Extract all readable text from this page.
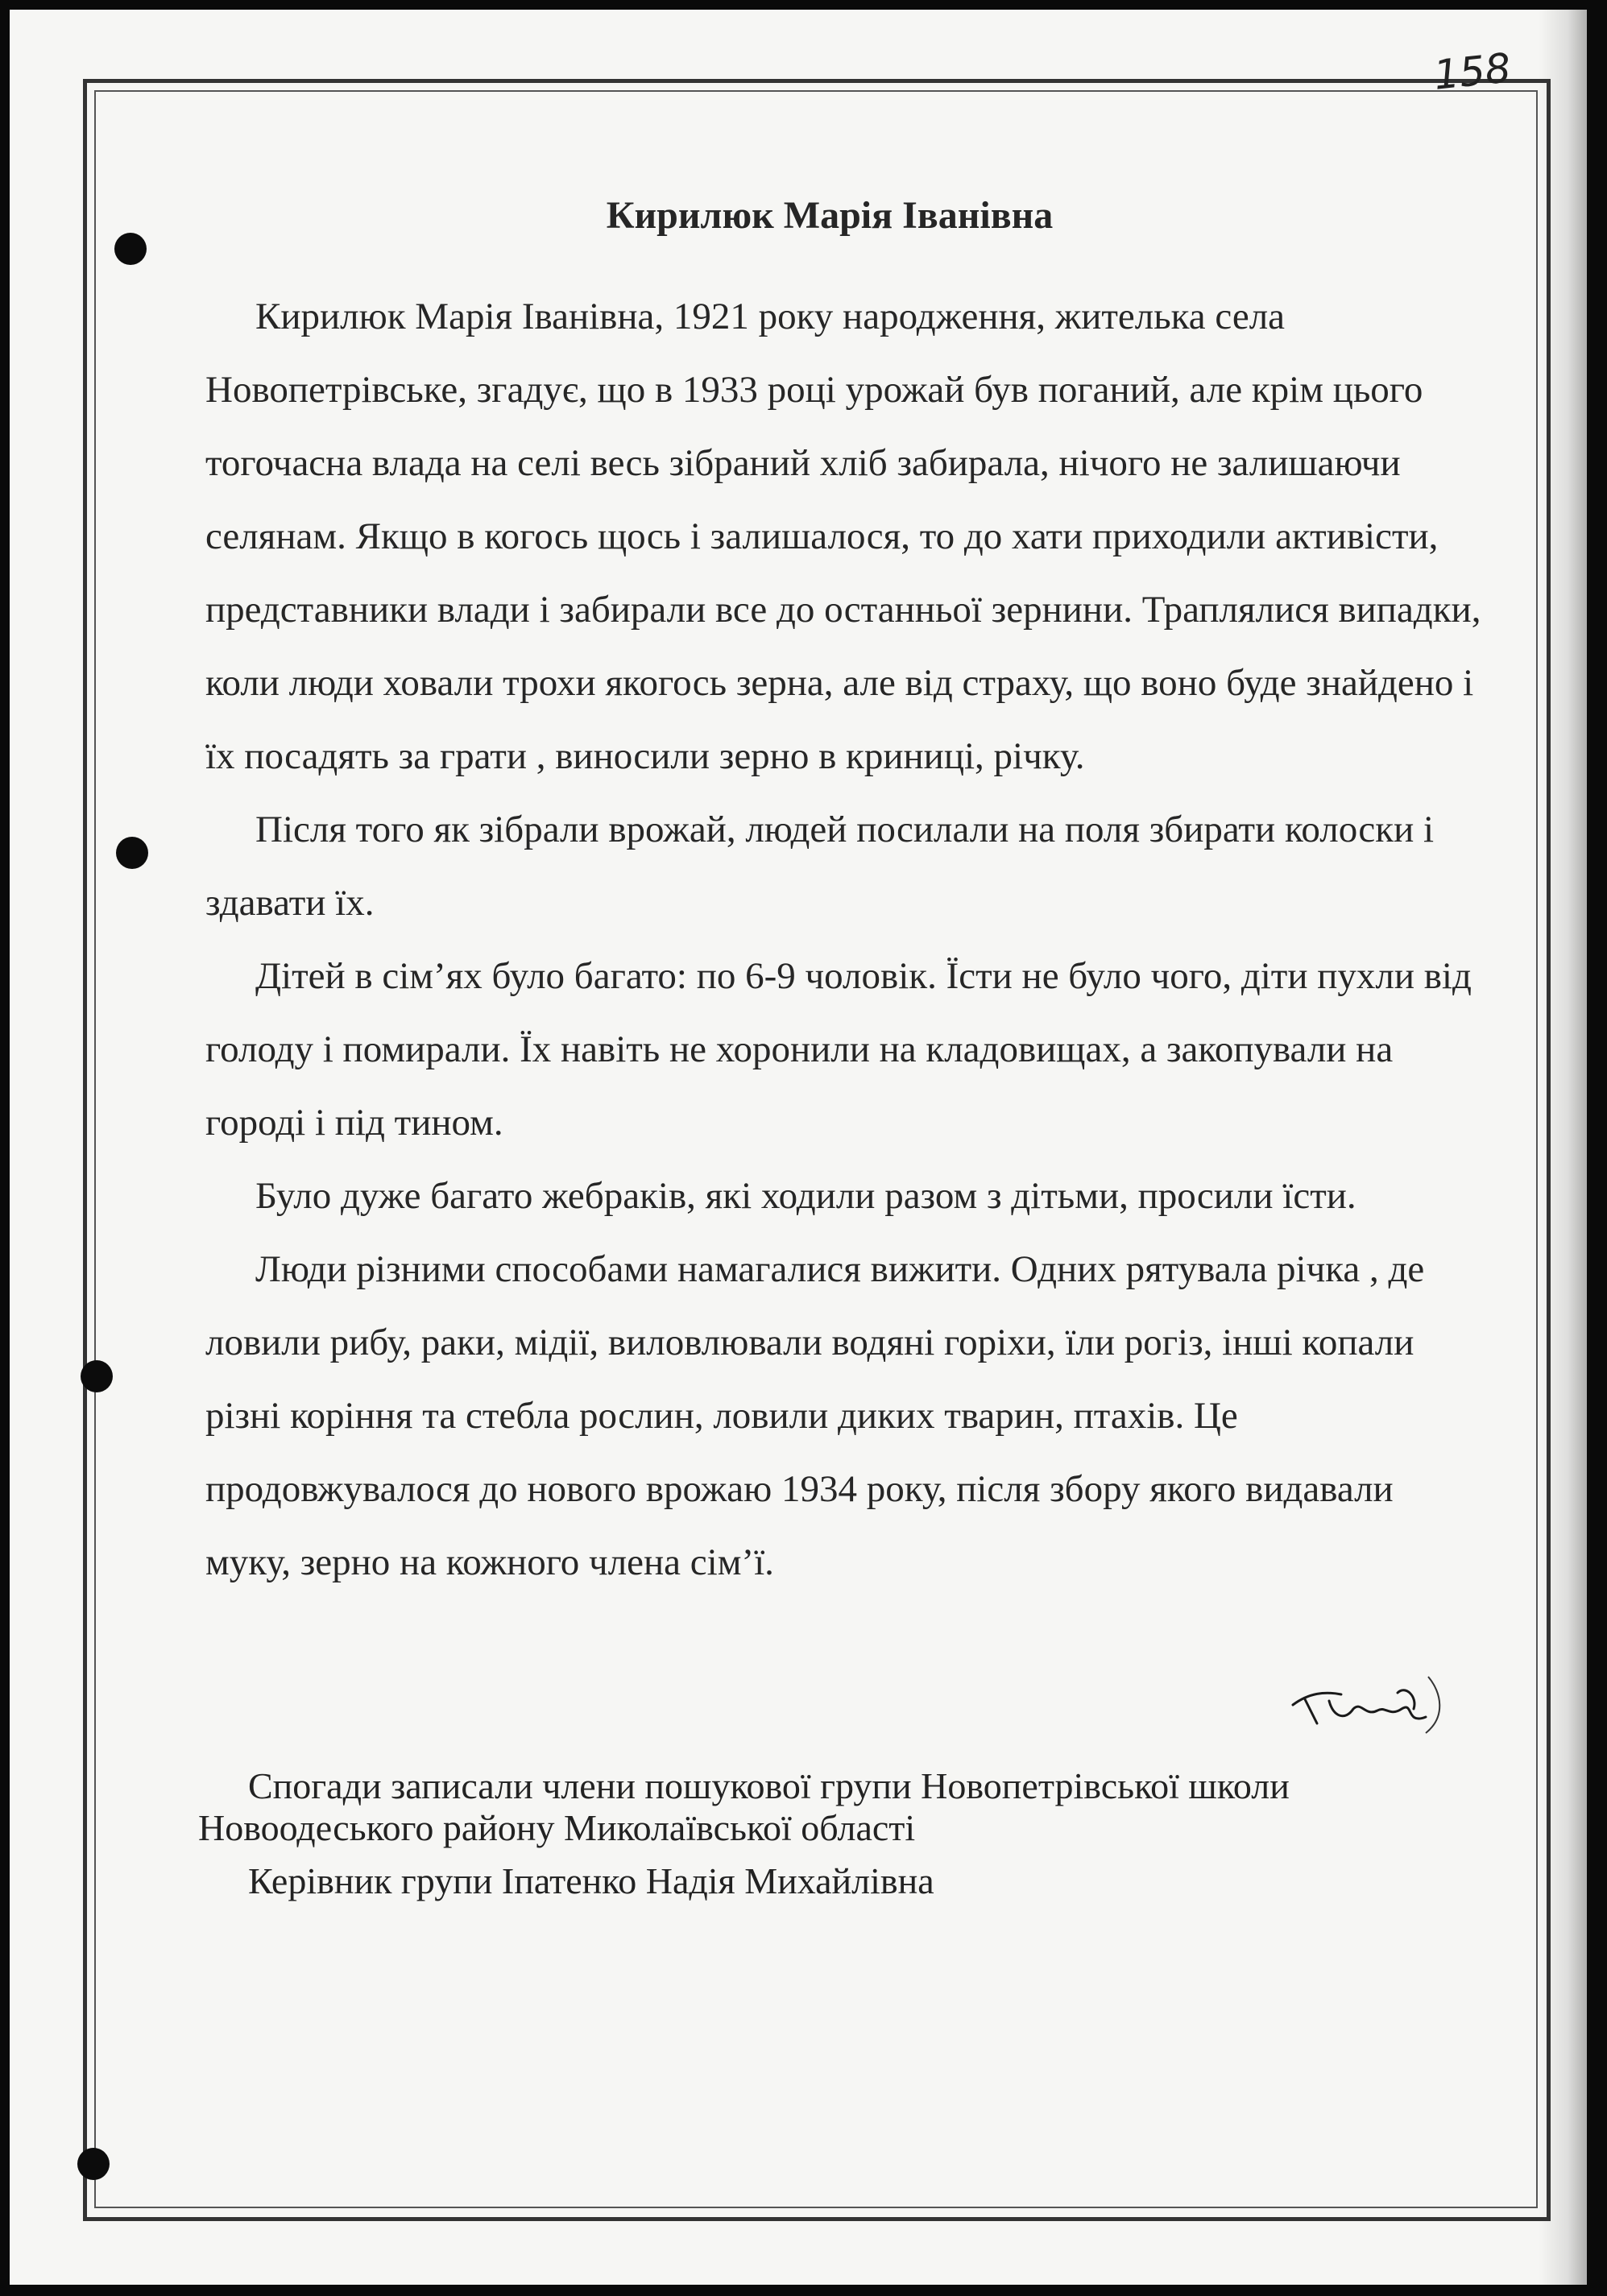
158
Кирилюк Марія Іванівна

Кирилюк Марія Іванівна, 1921 року народження, жителька села Новопетрівське, згадує, що в 1933 році урожай був поганий, але крім цього тогочасна влада на селі весь зібраний хліб забирала, нічого не залишаючи селянам. Якщо в когось щось і залишалося, то до хати приходили активісти, представники влади і забирали все до останньої зернини. Траплялися випадки, коли люди ховали трохи якогось зерна, але від страху, що воно буде знайдено і їх посадять за грати , виносили зерно в криниці, річку.

Після того як зібрали врожай, людей посилали на поля збирати колоски і здавати їх.

Дітей в сім’ях було багато: по 6-9 чоловік. Їсти не було чого, діти пухли від голоду і помирали. Їх навіть не хоронили на кладовищах, а закопували на городі і під тином.

Було дуже багато жебраків, які ходили разом з дітьми, просили їсти.

Люди різними способами намагалися вижити. Одних рятувала річка , де ловили рибу, раки, мідії, виловлювали водяні горіхи, їли рогіз, інші копали різні коріння та стебла рослин, ловили диких тварин, птахів. Це продовжувалося до нового врожаю 1934 року, після збору якого видавали муку, зерно на кожного члена сім’ї.

Спогади записали члени пошукової групи Новопетрівської школи
Новоодеського району Миколаївської області
Керівник групи Іпатенко Надія Михайлівна
